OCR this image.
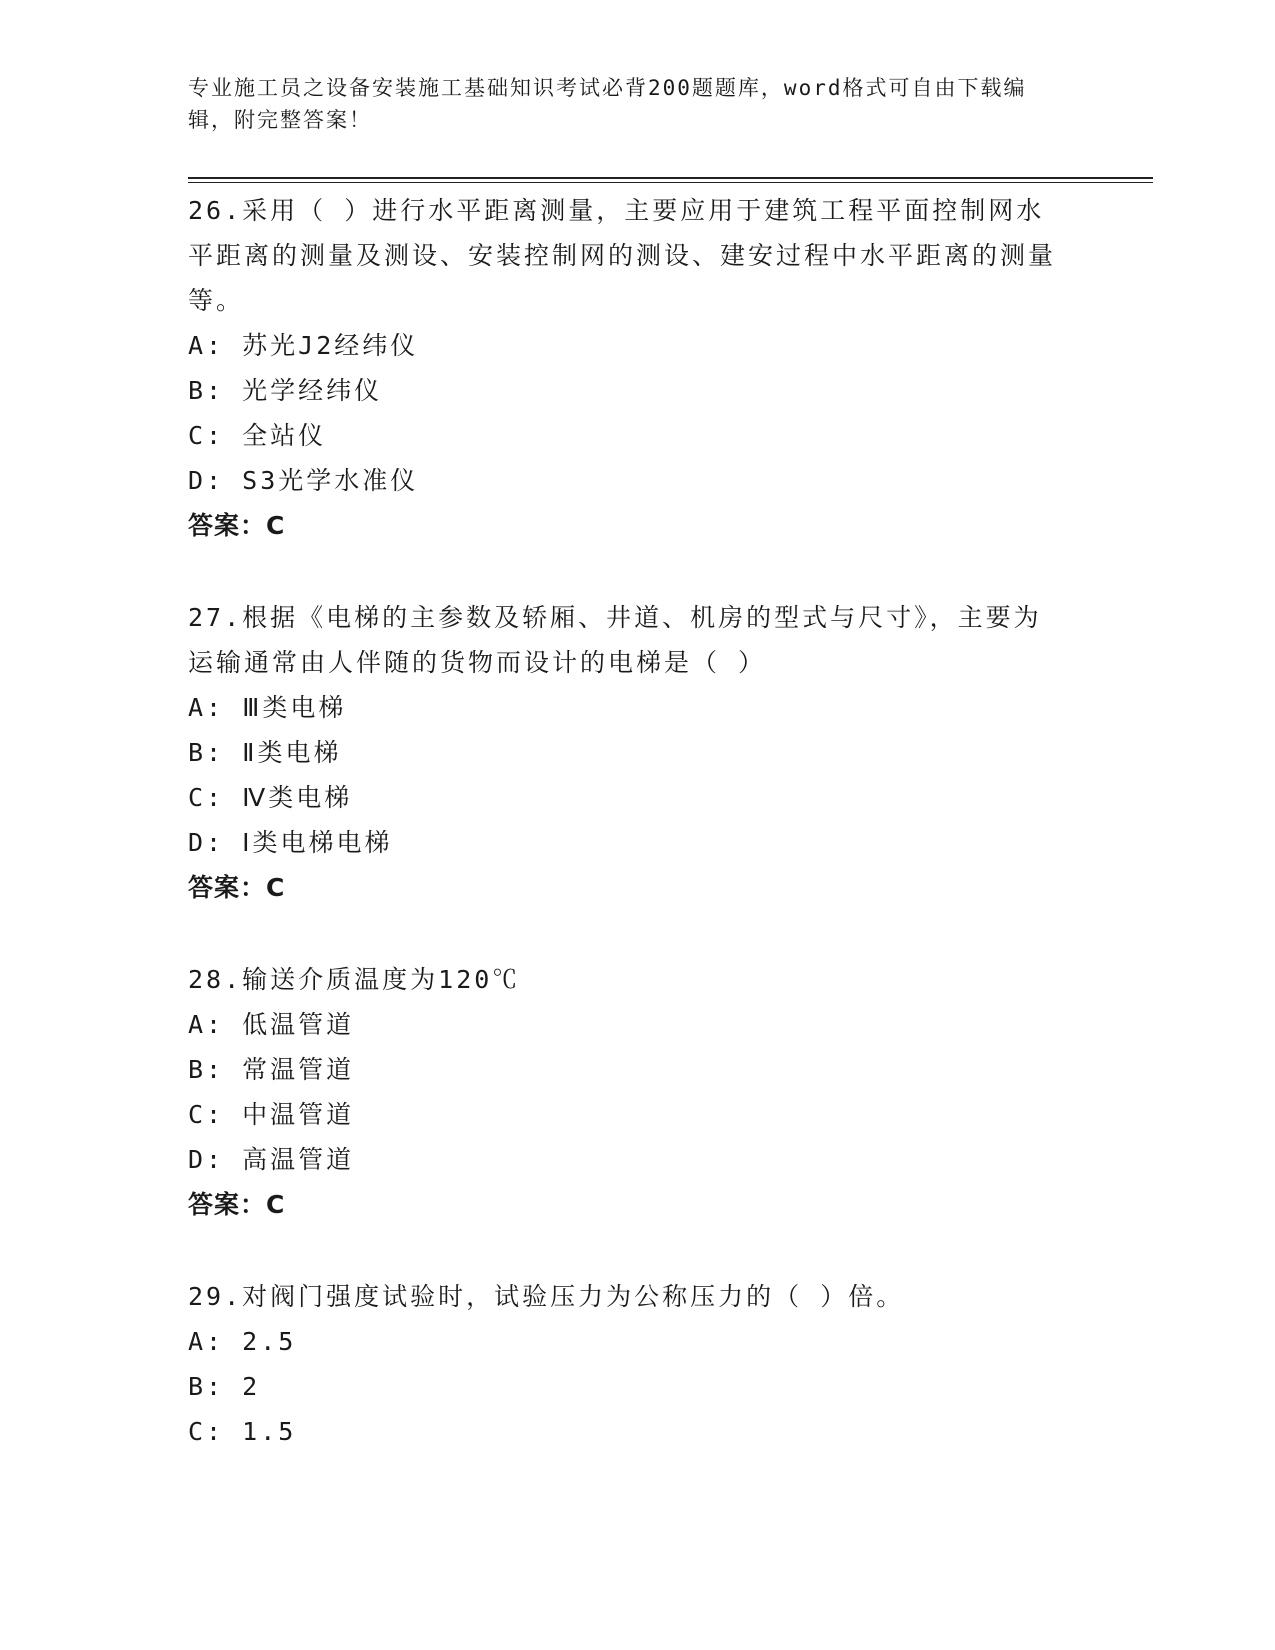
专业施工员之设备安装施工基础知识考试必背200题题库，word格式可自由下载编辑，附完整答案！

26.采用（ ）进行水平距离测量，主要应用于建筑工程平面控制网水平距离的测量及测设、安装控制网的测设、建安过程中水平距离的测量等。

A: 苏光J2经纬仪
B: 光学经纬仪
C: 全站仪
D: S3光学水准仪
答案：C

27.根据《电梯的主参数及轿厢、井道、机房的型式与尺寸》，主要为运输通常由人伴随的货物而设计的电梯是（ ）

A: Ⅲ类电梯
B: Ⅱ类电梯
C: Ⅳ类电梯
D: Ⅰ类电梯电梯
答案：C

28.输送介质温度为120℃

A: 低温管道
B: 常温管道
C: 中温管道
D: 高温管道
答案：C

29.对阀门强度试验时，试验压力为公称压力的（ ）倍。

A: 2.5
B: 2
C: 1.5
